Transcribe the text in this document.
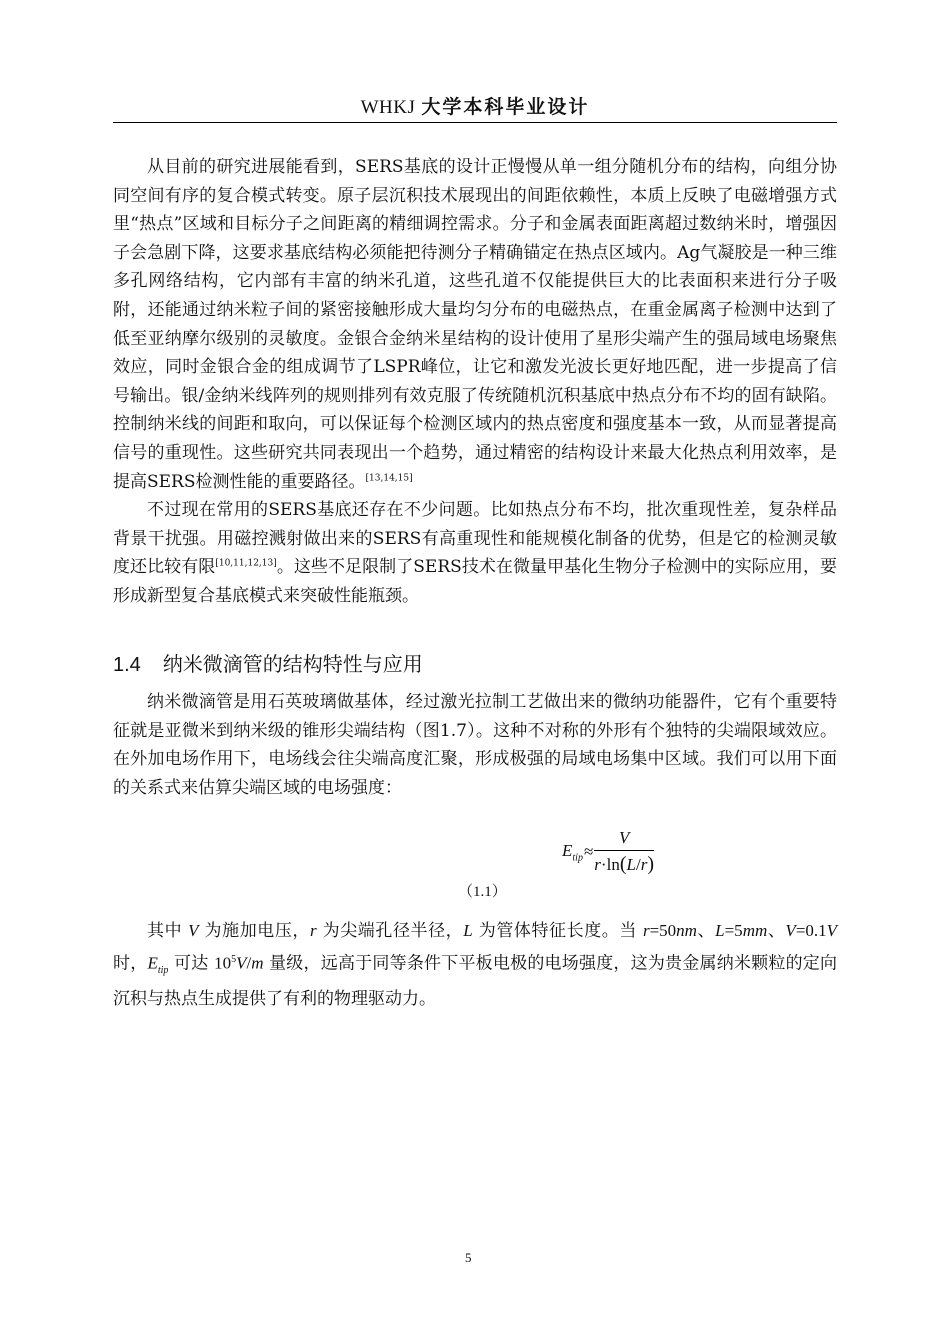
WHKJ 大学本科毕业设计

从目前的研究进展能看到，SERS基底的设计正慢慢从单一组分随机分布的结构，向组分协同空间有序的复合模式转变。原子层沉积技术展现出的间距依赖性，本质上反映了电磁增强方式里“热点”区域和目标分子之间距离的精细调控需求。分子和金属表面距离超过数纳米时，增强因子会急剧下降，这要求基底结构必须能把待测分子精确锚定在热点区域内。Ag气凝胶是一种三维多孔网络结构，它内部有丰富的纳米孔道，这些孔道不仅能提供巨大的比表面积来进行分子吸附，还能通过纳米粒子间的紧密接触形成大量均匀分布的电磁热点，在重金属离子检测中达到了低至亚纳摩尔级别的灵敏度。金银合金纳米星结构的设计使用了星形尖端产生的强局域电场聚焦效应，同时金银合金的组成调节了LSPR峰位，让它和激发光波长更好地匹配，进一步提高了信号输出。银/金纳米线阵列的规则排列有效克服了传统随机沉积基底中热点分布不均的固有缺陷。控制纳米线的间距和取向，可以保证每个检测区域内的热点密度和强度基本一致，从而显著提高信号的重现性。这些研究共同表现出一个趋势，通过精密的结构设计来最大化热点利用效率，是提高SERS检测性能的重要路径。[13,14,15]

不过现在常用的SERS基底还存在不少问题。比如热点分布不均，批次重现性差，复杂样品背景干扰强。用磁控溅射做出来的SERS有高重现性和能规模化制备的优势，但是它的检测灵敏度还比较有限[10,11,12,13]。这些不足限制了SERS技术在微量甲基化生物分子检测中的实际应用，要形成新型复合基底模式来突破性能瓶颈。

1.4 纳米微滴管的结构特性与应用

纳米微滴管是用石英玻璃做基体，经过激光拉制工艺做出来的微纳功能器件，它有个重要特征就是亚微米到纳米级的锥形尖端结构（图1.7）。这种不对称的外形有个独特的尖端限域效应。在外加电场作用下，电场线会往尖端高度汇聚，形成极强的局域电场集中区域。我们可以用下面的关系式来估算尖端区域的电场强度：

$E_{tip}\approx \frac{V}{r\cdot\ln(L/r)}$
（1.1）

其中 V 为施加电压，r 为尖端孔径半径，L 为管体特征长度。当 r=50nm、L=5mm、V=0.1V 时，$E_{tip}$ 可达 $10^5V/m$ 量级，远高于同等条件下平板电极的电场强度，这为贵金属纳米颗粒的定向沉积与热点生成提供了有利的物理驱动力。

5
